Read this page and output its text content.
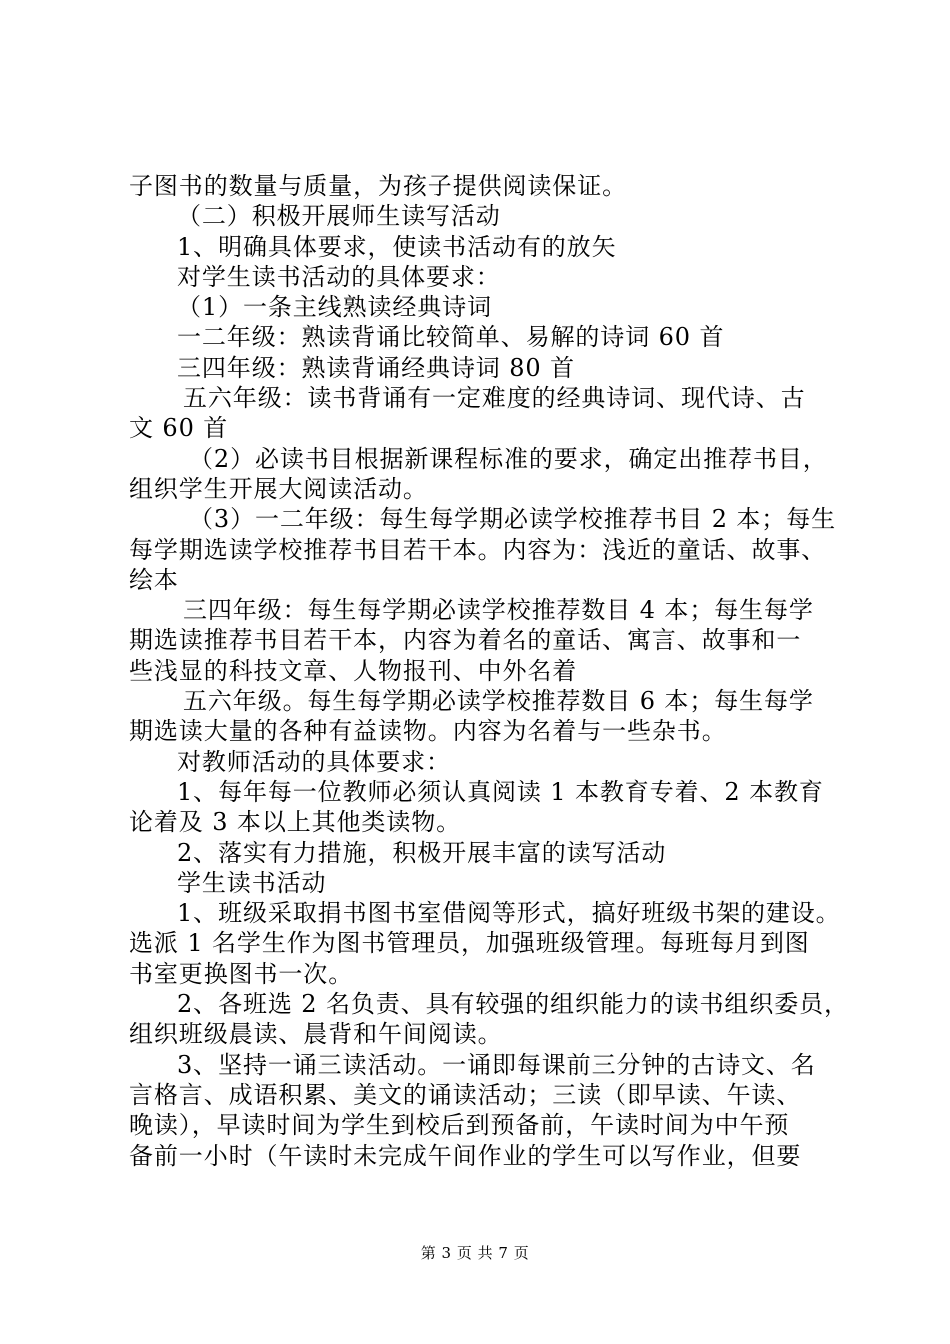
子图书的数量与质量，为孩子提供阅读保证。
（二）积极开展师生读写活动
1、明确具体要求，使读书活动有的放矢
对学生读书活动的具体要求：
（1）一条主线熟读经典诗词
一二年级：熟读背诵比较简单、易解的诗词 60 首
三四年级：熟读背诵经典诗词 80 首
五六年级：读书背诵有一定难度的经典诗词、现代诗、古
文 60 首
（2）必读书目根据新课程标准的要求，确定出推荐书目，
组织学生开展大阅读活动。
（3）一二年级：每生每学期必读学校推荐书目 2 本；每生
每学期选读学校推荐书目若干本。内容为：浅近的童话、故事、
绘本
三四年级：每生每学期必读学校推荐数目 4 本；每生每学
期选读推荐书目若干本，内容为着名的童话、寓言、故事和一
些浅显的科技文章、人物报刊、中外名着
五六年级。每生每学期必读学校推荐数目 6 本；每生每学
期选读大量的各种有益读物。内容为名着与一些杂书。
对教师活动的具体要求：
1、每年每一位教师必须认真阅读 1 本教育专着、2 本教育
论着及 3 本以上其他类读物。
2、落实有力措施，积极开展丰富的读写活动
学生读书活动
1、班级采取捐书图书室借阅等形式，搞好班级书架的建设。
选派 1 名学生作为图书管理员，加强班级管理。每班每月到图
书室更换图书一次。
2、各班选 2 名负责、具有较强的组织能力的读书组织委员，
组织班级晨读、晨背和午间阅读。
3、坚持一诵三读活动。一诵即每课前三分钟的古诗文、名
言格言、成语积累、美文的诵读活动；三读（即早读、午读、
晚读），早读时间为学生到校后到预备前，午读时间为中午预
备前一小时（午读时未完成午间作业的学生可以写作业，但要
第 3 页 共 7 页
